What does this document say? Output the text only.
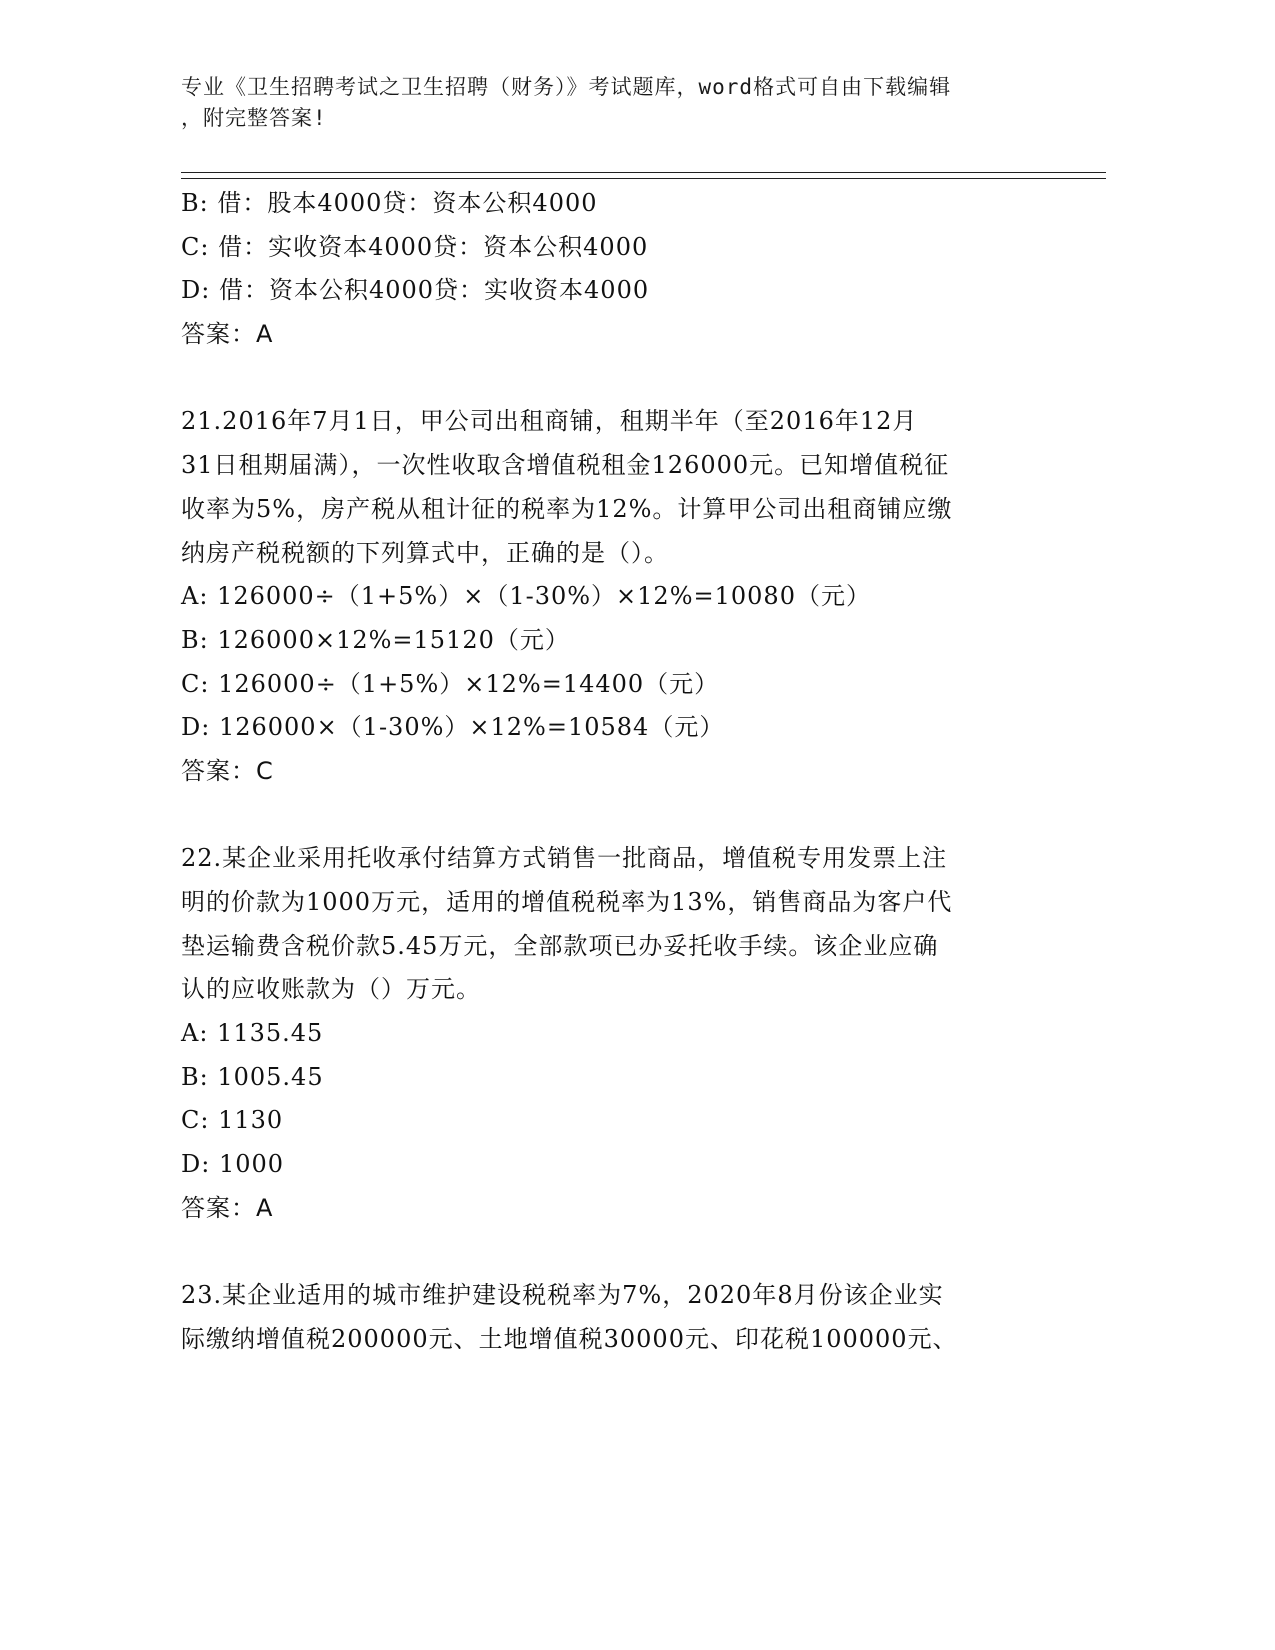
专业《卫生招聘考试之卫生招聘（财务）》考试题库，word格式可自由下载编辑
，附完整答案!
B: 借：股本4000贷：资本公积4000
C: 借：实收资本4000贷：资本公积4000
D: 借：资本公积4000贷：实收资本4000
答案：A
21.2016年7月1日，甲公司出租商铺，租期半年（至2016年12月
31日租期届满），一次性收取含增值税租金126000元。已知增值税征
收率为5%，房产税从租计征的税率为12%。计算甲公司出租商铺应缴
纳房产税税额的下列算式中，正确的是（）。
A: 126000÷（1+5%）×（1-30%）×12%=10080（元）
B: 126000×12%=15120（元）
C: 126000÷（1+5%）×12%=14400（元）
D: 126000×（1-30%）×12%=10584（元）
答案：C
22.某企业采用托收承付结算方式销售一批商品，增值税专用发票上注
明的价款为1000万元，适用的增值税税率为13%，销售商品为客户代
垫运输费含税价款5.45万元，全部款项已办妥托收手续。该企业应确
认的应收账款为（）万元。
A: 1135.45
B: 1005.45
C: 1130
D: 1000
答案：A
23.某企业适用的城市维护建设税税率为7%，2020年8月份该企业实
际缴纳增值税200000元、土地增值税30000元、印花税100000元、
